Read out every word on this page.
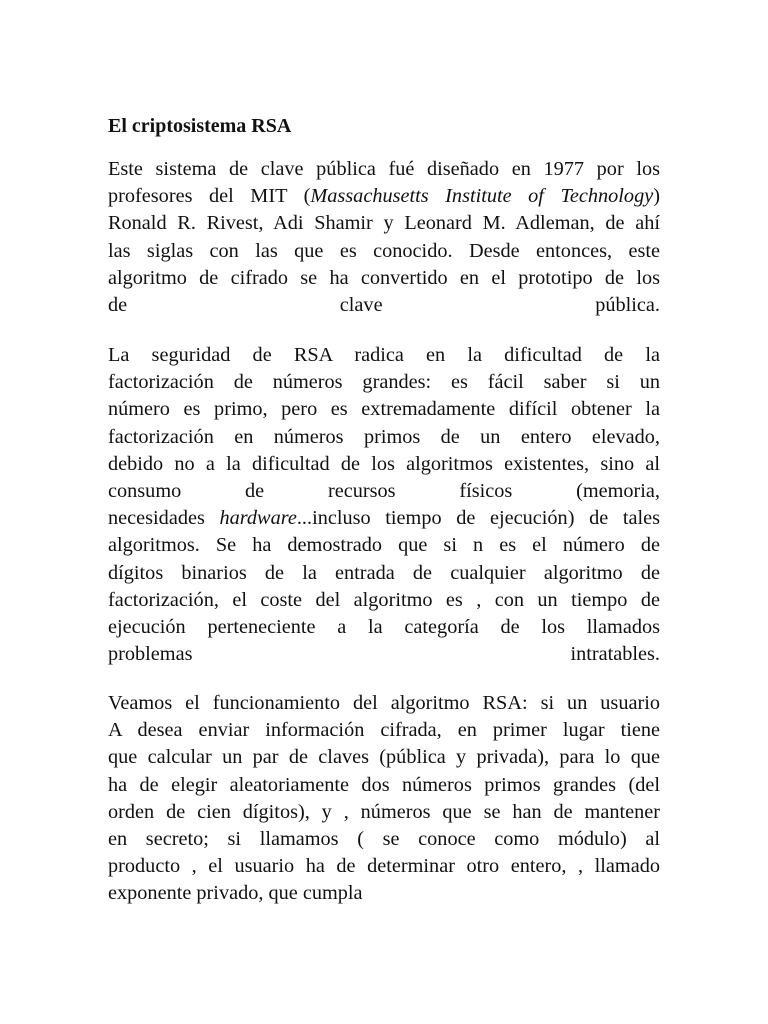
El criptosistema RSA

Este sistema de clave pública fué diseñado en 1977 por los
profesores del MIT (Massachusetts Institute of Technology)
Ronald R. Rivest, Adi Shamir y Leonard M. Adleman, de ahí
las siglas con las que es conocido. Desde entonces, este
algoritmo de cifrado se ha convertido en el prototipo de los
de clave pública.

La seguridad de RSA radica en la dificultad de la
factorización de números grandes: es fácil saber si un
número es primo, pero es extremadamente difícil obtener la
factorización en números primos de un entero elevado,
debido no a la dificultad de los algoritmos existentes, sino al
consumo de recursos físicos (memoria,
necesidades hardware...incluso tiempo de ejecución) de tales
algoritmos. Se ha demostrado que si n es el número de
dígitos binarios de la entrada de cualquier algoritmo de
factorización, el coste del algoritmo es , con un tiempo de
ejecución perteneciente a la categoría de los llamados
problemas intratables.

Veamos el funcionamiento del algoritmo RSA: si un usuario
A desea enviar información cifrada, en primer lugar tiene
que calcular un par de claves (pública y privada), para lo que
ha de elegir aleatoriamente dos números primos grandes (del
orden de cien dígitos), y , números que se han de mantener
en secreto; si llamamos ( se conoce como módulo) al
producto , el usuario ha de determinar otro entero, , llamado
exponente privado, que cumpla
